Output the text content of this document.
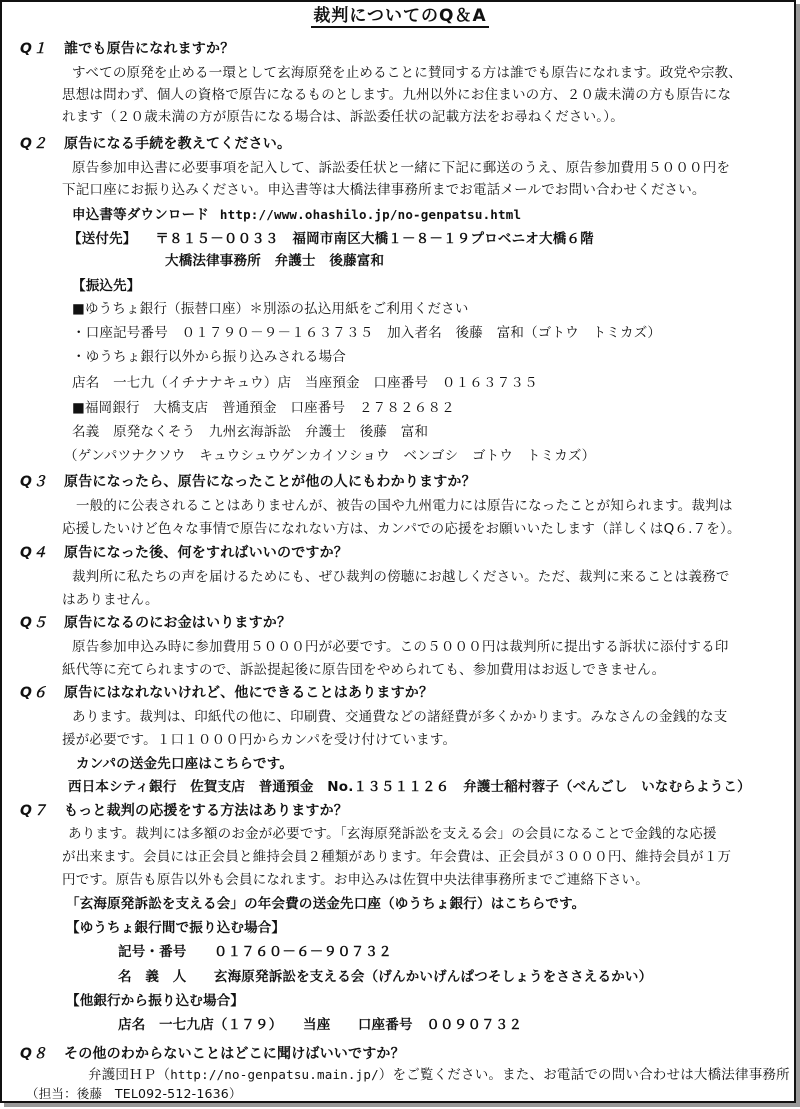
裁判についてのQ＆A
Q１ 誰でも原告になれますか？
すべての原発を止める一環として玄海原発を止めることに賛同する方は誰でも原告になれます。政党や宗教、
思想は問わず、個人の資格で原告になるものとします。九州以外にお住まいの方、２０歳未満の方も原告にな
れます（２０歳未満の方が原告になる場合は、訴訟委任状の記載方法をお尋ねください。）。
Q２ 原告になる手続を教えてください。
原告参加申込書に必要事項を記入して、訴訟委任状と一緒に下記に郵送のうえ、原告参加費用５０００円を
下記口座にお振り込みください。申込書等は大橋法律事務所までお電話メールでお問い合わせください。
申込書等ダウンロード http://www.ohashilo.jp/no-genpatsu.html
【送付先】 〒８１５－００３３　福岡市南区大橋１－８－１９プロベニオ大橋６階
大橋法律事務所　弁護士　後藤富和
【振込先】
■ゆうちょ銀行（振替口座）＊別添の払込用紙をご利用ください
・口座記号番号　０１７９０－９－１６３７３５　加入者名　後藤　富和（ゴトウ　トミカズ）
・ゆうちょ銀行以外から振り込みされる場合
店名　一七九（イチナナキュウ）店　当座預金　口座番号　０１６３７３５
■福岡銀行　大橋支店　普通預金　口座番号　２７８２６８２
名義　原発なくそう　九州玄海訴訟　弁護士　後藤　富和
（ゲンパツナクソウ　キュウシュウゲンカイソショウ　ベンゴシ　ゴトウ　トミカズ）
Q３ 原告になったら、原告になったことが他の人にもわかりますか？
一般的に公表されることはありませんが、被告の国や九州電力には原告になったことが知られます。裁判は
応援したいけど色々な事情で原告になれない方は、カンパでの応援をお願いいたします（詳しくはQ６.７を）。
Q４ 原告になった後、何をすればいいのですか？
裁判所に私たちの声を届けるためにも、ぜひ裁判の傍聴にお越しください。ただ、裁判に来ることは義務で
はありません。
Q５ 原告になるのにお金はいりますか？
原告参加申込み時に参加費用５０００円が必要です。この５０００円は裁判所に提出する訴状に添付する印
紙代等に充てられますので、訴訟提起後に原告団をやめられても、参加費用はお返しできません。
Q６ 原告にはなれないけれど、他にできることはありますか？
あります。裁判は、印紙代の他に、印刷費、交通費などの諸経費が多くかかります。みなさんの金銭的な支
援が必要です。１口１０００円からカンパを受け付けています。
カンパの送金先口座はこちらです。
西日本シティ銀行　佐賀支店　普通預金　No.１３５１１２６　弁護士稲村蓉子（べんごし　いなむらようこ）
Q７ もっと裁判の応援をする方法はありますか？
あります。裁判には多額のお金が必要です。「玄海原発訴訟を支える会」の会員になることで金銭的な応援
が出来ます。会員には正会員と維持会員２種類があります。年会費は、正会員が３０００円、維持会員が１万
円です。原告も原告以外も会員になれます。お申込みは佐賀中央法律事務所までご連絡下さい。
「玄海原発訴訟を支える会」の年会費の送金先口座（ゆうちょ銀行）はこちらです。
【ゆうちょ銀行間で振り込む場合】
記号・番号　　０１７６０－６－９０７３２
名　義　人　　玄海原発訴訟を支える会（げんかいげんぱつそしょうをささえるかい）
【他銀行から振り込む場合】
店名　一七九店（１７９）　　当座　　口座番号　００９０７３２
Q８ その他のわからないことはどこに聞けばいいですか？
弁護団ＨＰ（http://no-genpatsu.main.jp/）をご覧ください。また、お電話での問い合わせは大橋法律事務所
（担当：後藤　TEL092-512-1636）
